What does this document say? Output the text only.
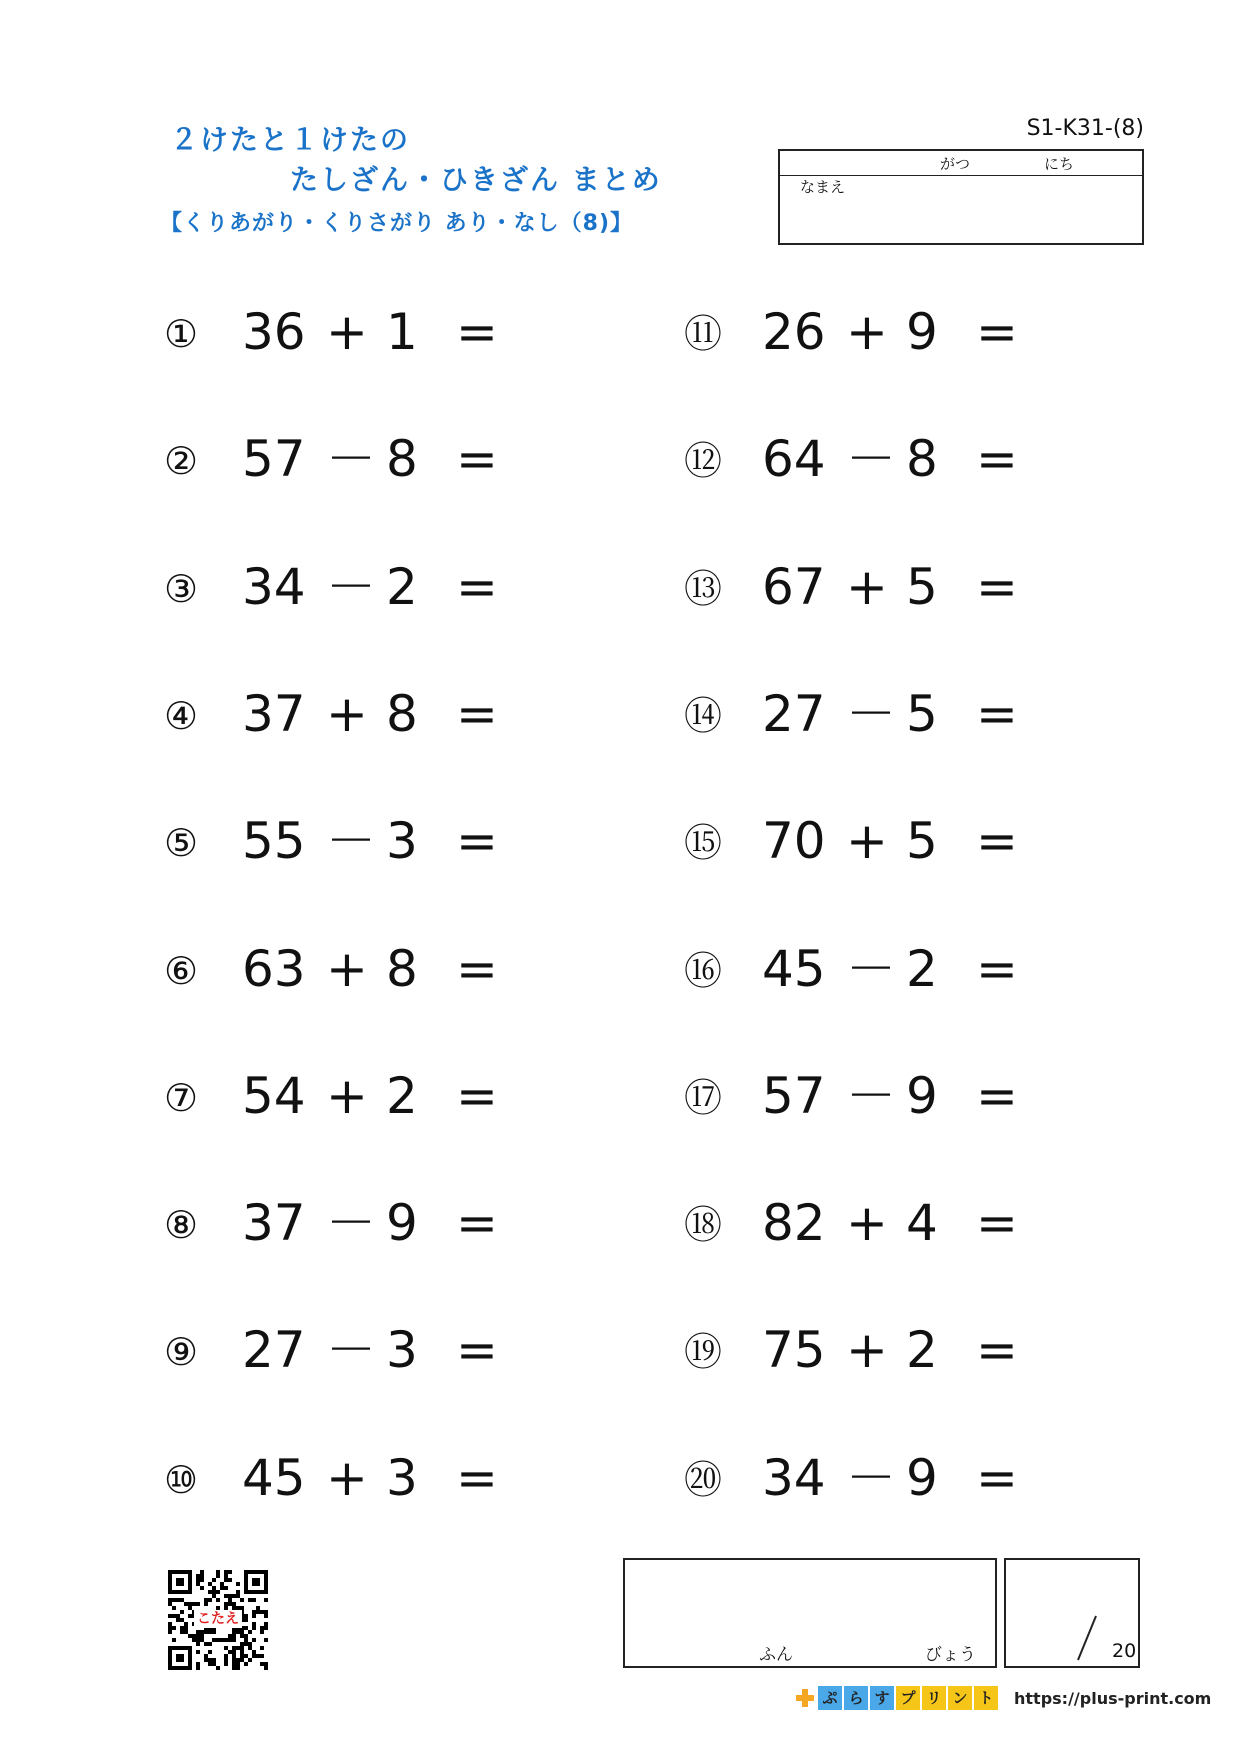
２けたと１けたの
たしざん・ひきざん まとめ
【くりあがり・くりさがり あり・なし（8)】
S1-K31-(8)
がつ	にち
なまえ
① 36 + 1 =
② 57 － 8 =
③ 34 － 2 =
④ 37 + 8 =
⑤ 55 － 3 =
⑥ 63 + 8 =
⑦ 54 + 2 =
⑧ 37 － 9 =
⑨ 27 － 3 =
⑩ 45 + 3 =
⑪ 26 + 9 =
⑫ 64 － 8 =
⑬ 67 + 5 =
⑭ 27 － 5 =
⑮ 70 + 5 =
⑯ 45 － 2 =
⑰ 57 － 9 =
⑱ 82 + 4 =
⑲ 75 + 2 =
⑳ 34 － 9 =
こたえ
ふん	びょう	20
ぷ ら す プ リ ン ト	https://plus-print.com
